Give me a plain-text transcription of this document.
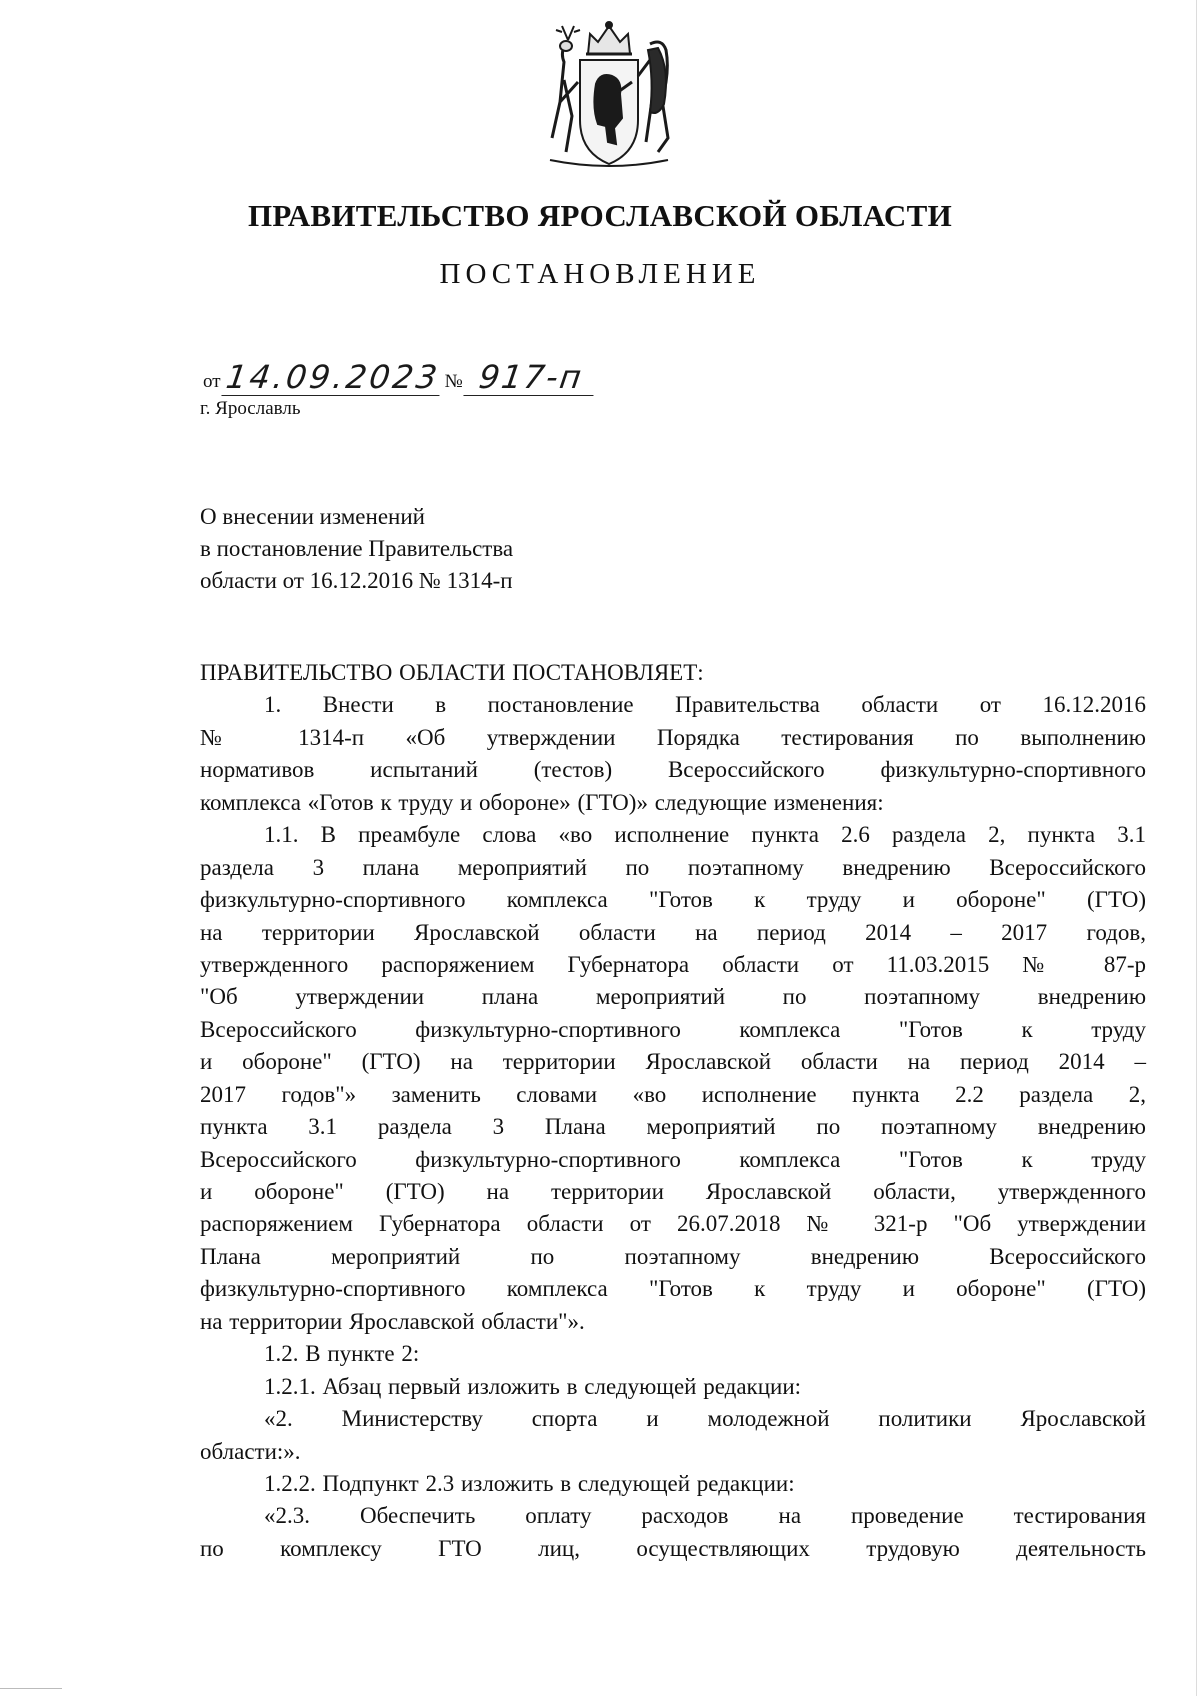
ПРАВИТЕЛЬСТВО ЯРОСЛАВСКОЙ ОБЛАСТИ
ПОСТАНОВЛЕНИЕ
от 14.09.2023 № 917-п
г. Ярославль
О внесении изменений
в постановление Правительства
области от 16.12.2016 № 1314-п
ПРАВИТЕЛЬСТВО ОБЛАСТИ ПОСТАНОВЛЯЕТ:
1. Внести в постановление Правительства области от 16.12.2016
№ 1314-п «Об утверждении Порядка тестирования по выполнению
нормативов испытаний (тестов) Всероссийского физкультурно-спортивного
комплекса «Готов к труду и обороне» (ГТО)» следующие изменения:
1.1. В преамбуле слова «во исполнение пункта 2.6 раздела 2, пункта 3.1
раздела 3 плана мероприятий по поэтапному внедрению Всероссийского
физкультурно-спортивного комплекса "Готов к труду и обороне" (ГТО)
на территории Ярославской области на период 2014 – 2017 годов,
утвержденного распоряжением Губернатора области от 11.03.2015 № 87-р
"Об утверждении плана мероприятий по поэтапному внедрению
Всероссийского физкультурно-спортивного комплекса "Готов к труду
и обороне" (ГТО) на территории Ярославской области на период 2014 –
2017 годов"» заменить словами «во исполнение пункта 2.2 раздела 2,
пункта 3.1 раздела 3 Плана мероприятий по поэтапному внедрению
Всероссийского физкультурно-спортивного комплекса "Готов к труду
и обороне" (ГТО) на территории Ярославской области, утвержденного
распоряжением Губернатора области от 26.07.2018 № 321-р "Об утверждении
Плана мероприятий по поэтапному внедрению Всероссийского
физкультурно-спортивного комплекса "Готов к труду и обороне" (ГТО)
на территории Ярославской области"».
1.2. В пункте 2:
1.2.1. Абзац первый изложить в следующей редакции:
«2. Министерству спорта и молодежной политики Ярославской
области:».
1.2.2. Подпункт 2.3 изложить в следующей редакции:
«2.3. Обеспечить оплату расходов на проведение тестирования
по комплексу ГТО лиц, осуществляющих трудовую деятельность
